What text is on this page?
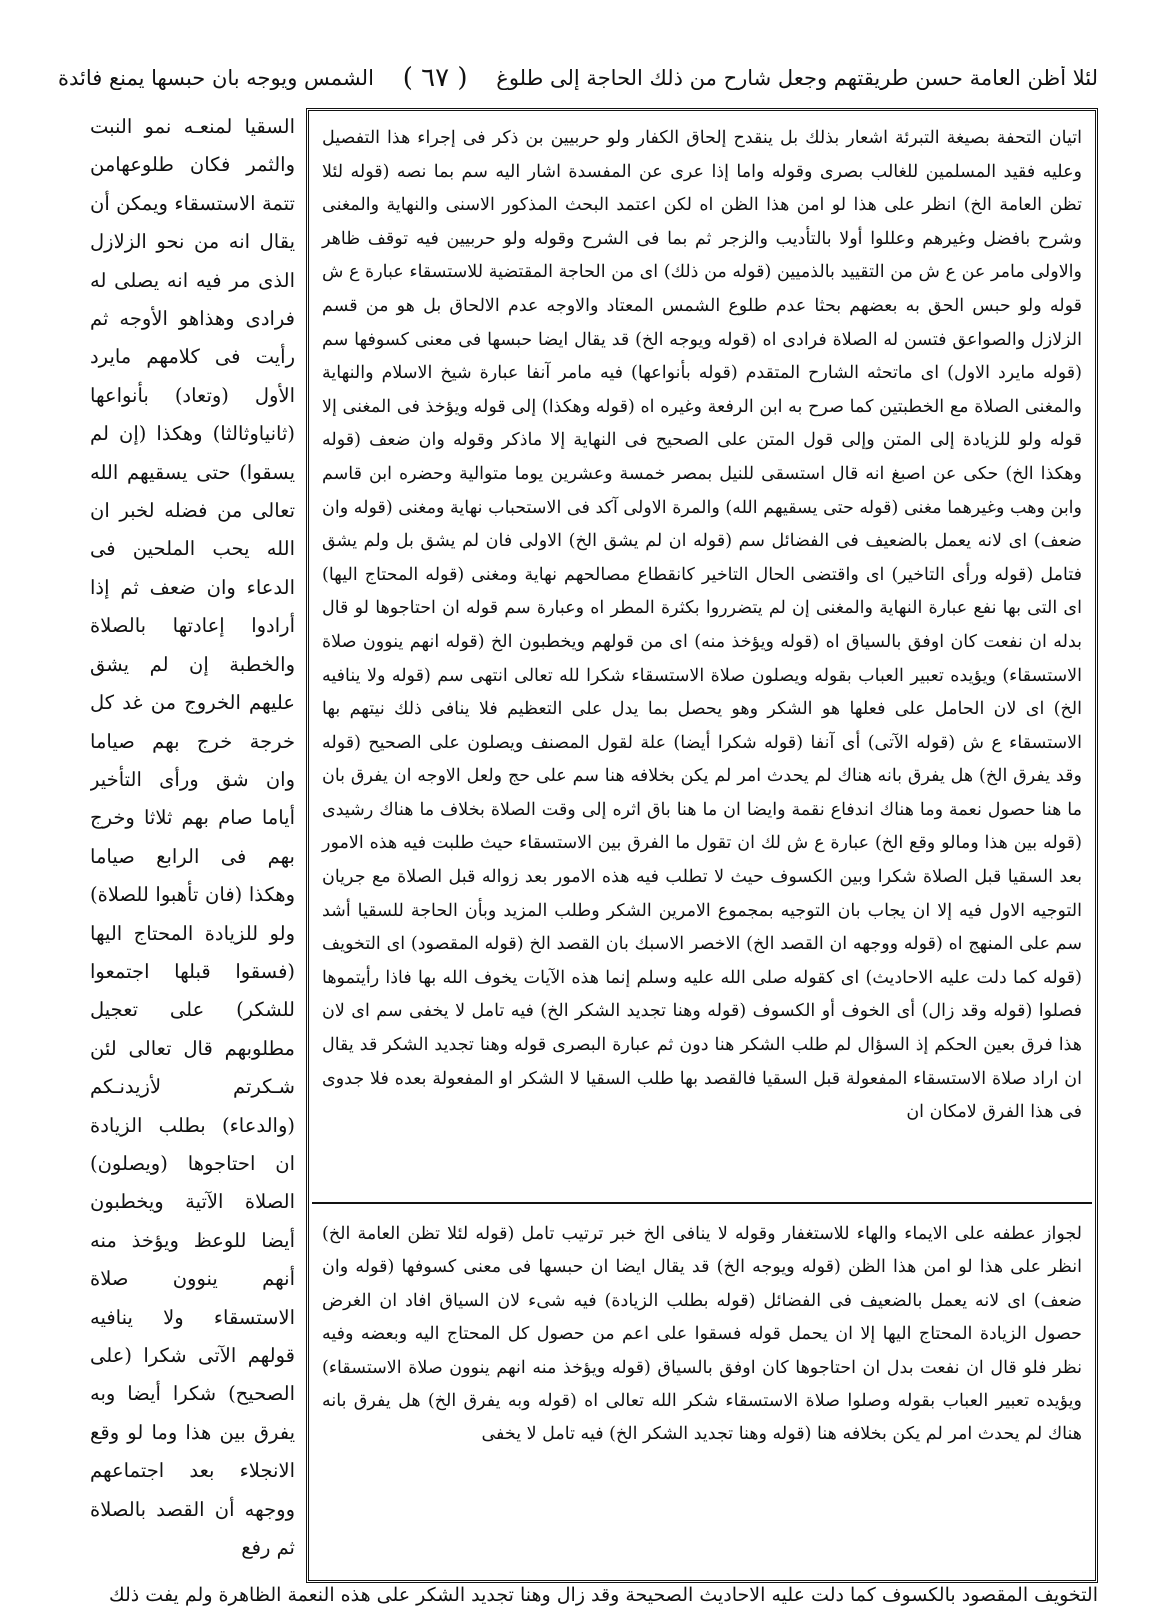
لئلا أظن العامة حسن طريقتهم وجعل شارح من ذلك الحاجة إلى طلوغ
( ٦٧ )
الشمس ويوجه بان حبسها يمنع فائدة

السقيا لمنعـه نمو النبت والثمر فكان طلوعهامن تتمة الاستسقاء ويمكن أن يقال انه من نحو الزلازل الذى مر فيه انه يصلى له فرادى وهذاهو الأوجه ثم رأيت فى كلامهم مايرد الأول (وتعاد) بأنواعها (ثانياوثالثا) وهكذا (إن لم يسقوا) حتى يسقيهم الله تعالى من فضله لخبر ان الله يحب الملحين فى الدعاء وان ضعف ثم إذا أرادوا إعادتها بالصلاة والخطبة إن لم يشق عليهم الخروج من غد كل خرجة خرج بهم صياما وان شق ورأى التأخير أياما صام بهم ثلاثا وخرج بهم فى الرابع صياما وهكذا (فان تأهبوا للصلاة) ولو للزيادة المحتاج اليها (فسقوا قبلها اجتمعوا للشكر) على تعجيل مطلوبهم قال تعالى لئن شـكرتم لأزيدنـكم (والدعاء) بطلب الزيادة ان احتاجوها (ويصلون) الصلاة الآتية ويخطبون أيضا للوعظ ويؤخذ منه أنهم ينوون صلاة الاستسقاء ولا ينافيه قولهم الآتى شكرا (على الصحيح) شكرا أيضا وبه يفرق بين هذا وما لو وقع الانجلاء بعد اجتماعهم ووجهه أن القصد بالصلاة ثم رفع

اتيان التحفة بصيغة التبرئة اشعار بذلك بل ينقدح إلحاق الكفار ولو حربيين بن ذكر فى إجراء هذا التفصيل وعليه فقيد المسلمين للغالب بصرى وقوله واما إذا عرى عن المفسدة اشار اليه سم بما نصه (قوله لئلا تظن العامة الخ) انظر على هذا لو امن هذا الظن اه لكن اعتمد البحث المذكور الاسنى والنهاية والمغنى وشرح بافضل وغيرهم وعللوا أولا بالتأديب والزجر ثم بما فى الشرح وقوله ولو حربيين فيه توقف ظاهر والاولى مامر عن ع ش من التقييد بالذميين (قوله من ذلك) اى من الحاجة المقتضية للاستسقاء عبارة ع ش قوله ولو حبس الحق به بعضهم بحثا عدم طلوع الشمس المعتاد والاوجه عدم الالحاق بل هو من قسم الزلازل والصواعق فتسن له الصلاة فرادى اه (قوله ويوجه الخ) قد يقال ايضا حبسها فى معنى كسوفها سم (قوله مايرد الاول) اى ماتحثه الشارح المتقدم (قوله بأنواعها) فيه مامر آنفا عبارة شيخ الاسلام والنهاية والمغنى الصلاة مع الخطبتين كما صرح به ابن الرفعة وغيره اه (قوله وهكذا) إلى قوله ويؤخذ فى المغنى إلا قوله ولو للزيادة إلى المتن وإلى قول المتن على الصحيح فى النهاية إلا ماذكر وقوله وان ضعف (قوله وهكذا الخ) حكى عن اصبغ انه قال استسقى للنيل بمصر خمسة وعشرين يوما متوالية وحضره ابن قاسم وابن وهب وغيرهما مغنى (قوله حتى يسقيهم الله) والمرة الاولى آكد فى الاستحباب نهاية ومغنى (قوله وان ضعف) اى لانه يعمل بالضعيف فى الفضائل سم (قوله ان لم يشق الخ) الاولى فان لم يشق بل ولم يشق فتامل (قوله ورأى التاخير) اى واقتضى الحال التاخير كانقطاع مصالحهم نهاية ومغنى (قوله المحتاج اليها) اى التى بها نفع عبارة النهاية والمغنى إن لم يتضرروا بكثرة المطر اه وعبارة سم قوله ان احتاجوها لو قال بدله ان نفعت كان اوفق بالسياق اه (قوله ويؤخذ منه) اى من قولهم ويخطبون الخ (قوله انهم ينوون صلاة الاستسقاء) ويؤيده تعبير العباب بقوله ويصلون صلاة الاستسقاء شكرا لله تعالى انتهى سم (قوله ولا ينافيه الخ) اى لان الحامل على فعلها هو الشكر وهو يحصل بما يدل على التعظيم فلا ينافى ذلك نيتهم بها الاستسقاء ع ش (قوله الآتى) أى آنفا (قوله شكرا أيضا) علة لقول المصنف ويصلون على الصحيح (قوله وقد يفرق الخ) هل يفرق بانه هناك لم يحدث امر لم يكن بخلافه هنا سم على حج ولعل الاوجه ان يفرق بان ما هنا حصول نعمة وما هناك اندفاع نقمة وايضا ان ما هنا باق اثره إلى وقت الصلاة بخلاف ما هناك رشيدى (قوله بين هذا ومالو وقع الخ) عبارة ع ش لك ان تقول ما الفرق بين الاستسقاء حيث طلبت فيه هذه الامور بعد السقيا قبل الصلاة شكرا وبين الكسوف حيث لا تطلب فيه هذه الامور بعد زواله قبل الصلاة مع جريان التوجيه الاول فيه إلا ان يجاب بان التوجيه بمجموع الامرين الشكر وطلب المزيد وبأن الحاجة للسقيا أشد سم على المنهج اه (قوله ووجهه ان القصد الخ) الاخصر الاسبك بان القصد الخ (قوله المقصود) اى التخويف (قوله كما دلت عليه الاحاديث) اى كقوله صلى الله عليه وسلم إنما هذه الآيات يخوف الله بها فاذا رأيتموها فصلوا (قوله وقد زال) أى الخوف أو الكسوف (قوله وهنا تجديد الشكر الخ) فيه تامل لا يخفى سم اى لان هذا فرق بعين الحكم إذ السؤال لم طلب الشكر هنا دون ثم عبارة البصرى قوله وهنا تجديد الشكر قد يقال ان اراد صلاة الاستسقاء المفعولة قبل السقيا فالقصد بها طلب السقيا لا الشكر او المفعولة بعده فلا جدوى فى هذا الفرق لامكان ان

لجواز عطفه على الايماء والهاء للاستغفار وقوله لا ينافى الخ خبر ترتيب تامل (قوله لئلا تظن العامة الخ) انظر على هذا لو امن هذا الظن (قوله ويوجه الخ) قد يقال ايضا ان حبسها فى معنى كسوفها (قوله وان ضعف) اى لانه يعمل بالضعيف فى الفضائل (قوله بطلب الزيادة) فيه شىء لان السياق افاد ان الغرض حصول الزيادة المحتاج اليها إلا ان يحمل قوله فسقوا على اعم من حصول كل المحتاج اليه وبعضه وفيه نظر فلو قال ان نفعت بدل ان احتاجوها كان اوفق بالسياق (قوله ويؤخذ منه انهم ينوون صلاة الاستسقاء) ويؤيده تعبير العباب بقوله وصلوا صلاة الاستسقاء شكر الله تعالى اه (قوله وبه يفرق الخ) هل يفرق بانه هناك لم يحدث امر لم يكن بخلافه هنا (قوله وهنا تجديد الشكر الخ) فيه تامل لا يخفى

التخويف المقصود بالكسوف كما دلت عليه الاحاديث الصحيحة وقد زال وهنا تجديد الشكر على هذه النعمة الظاهرة ولم يفت ذلك
